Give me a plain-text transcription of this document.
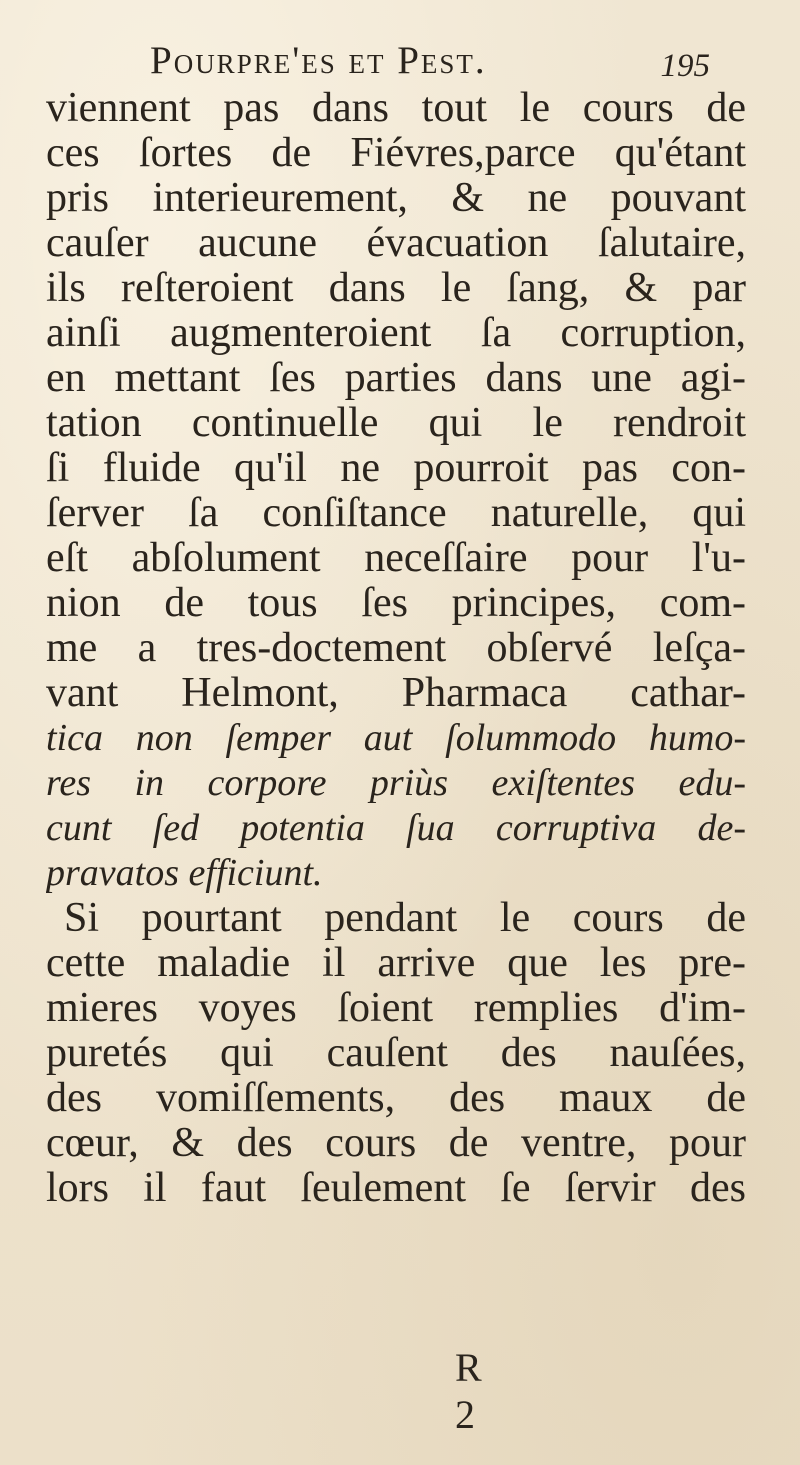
Pourpre'es et Pest.	195
viennent pas dans tout le cours de
ces ſortes de Fiévres,parce qu'étant
pris interieurement, & ne pouvant
cauſer aucune évacuation ſalutaire,
ils reſteroient dans le ſang, & par
ainſi augmenteroient ſa corruption,
en mettant ſes parties dans une agi-
tation continuelle qui le rendroit
ſi fluide qu'il ne pourroit pas con-
ſerver ſa conſiſtance naturelle, qui
eſt abſolument neceſſaire pour l'u-
nion de tous ſes principes, com-
me a tres-doctement obſervé leſça-
vant Helmont, Pharmaca cathar-
tica non ſemper aut ſolummodo humo-
res in corpore priùs exiſtentes edu-
cunt ſed potentia ſua corruptiva de-
pravatos efficiunt.
Si pourtant pendant le cours de
cette maladie il arrive que les pre-
mieres voyes ſoient remplies d'im-
puretés qui cauſent des nauſées,
des vomiſſements, des maux de
cœur, & des cours de ventre, pour
lors il faut ſeulement ſe ſervir des
R 2
